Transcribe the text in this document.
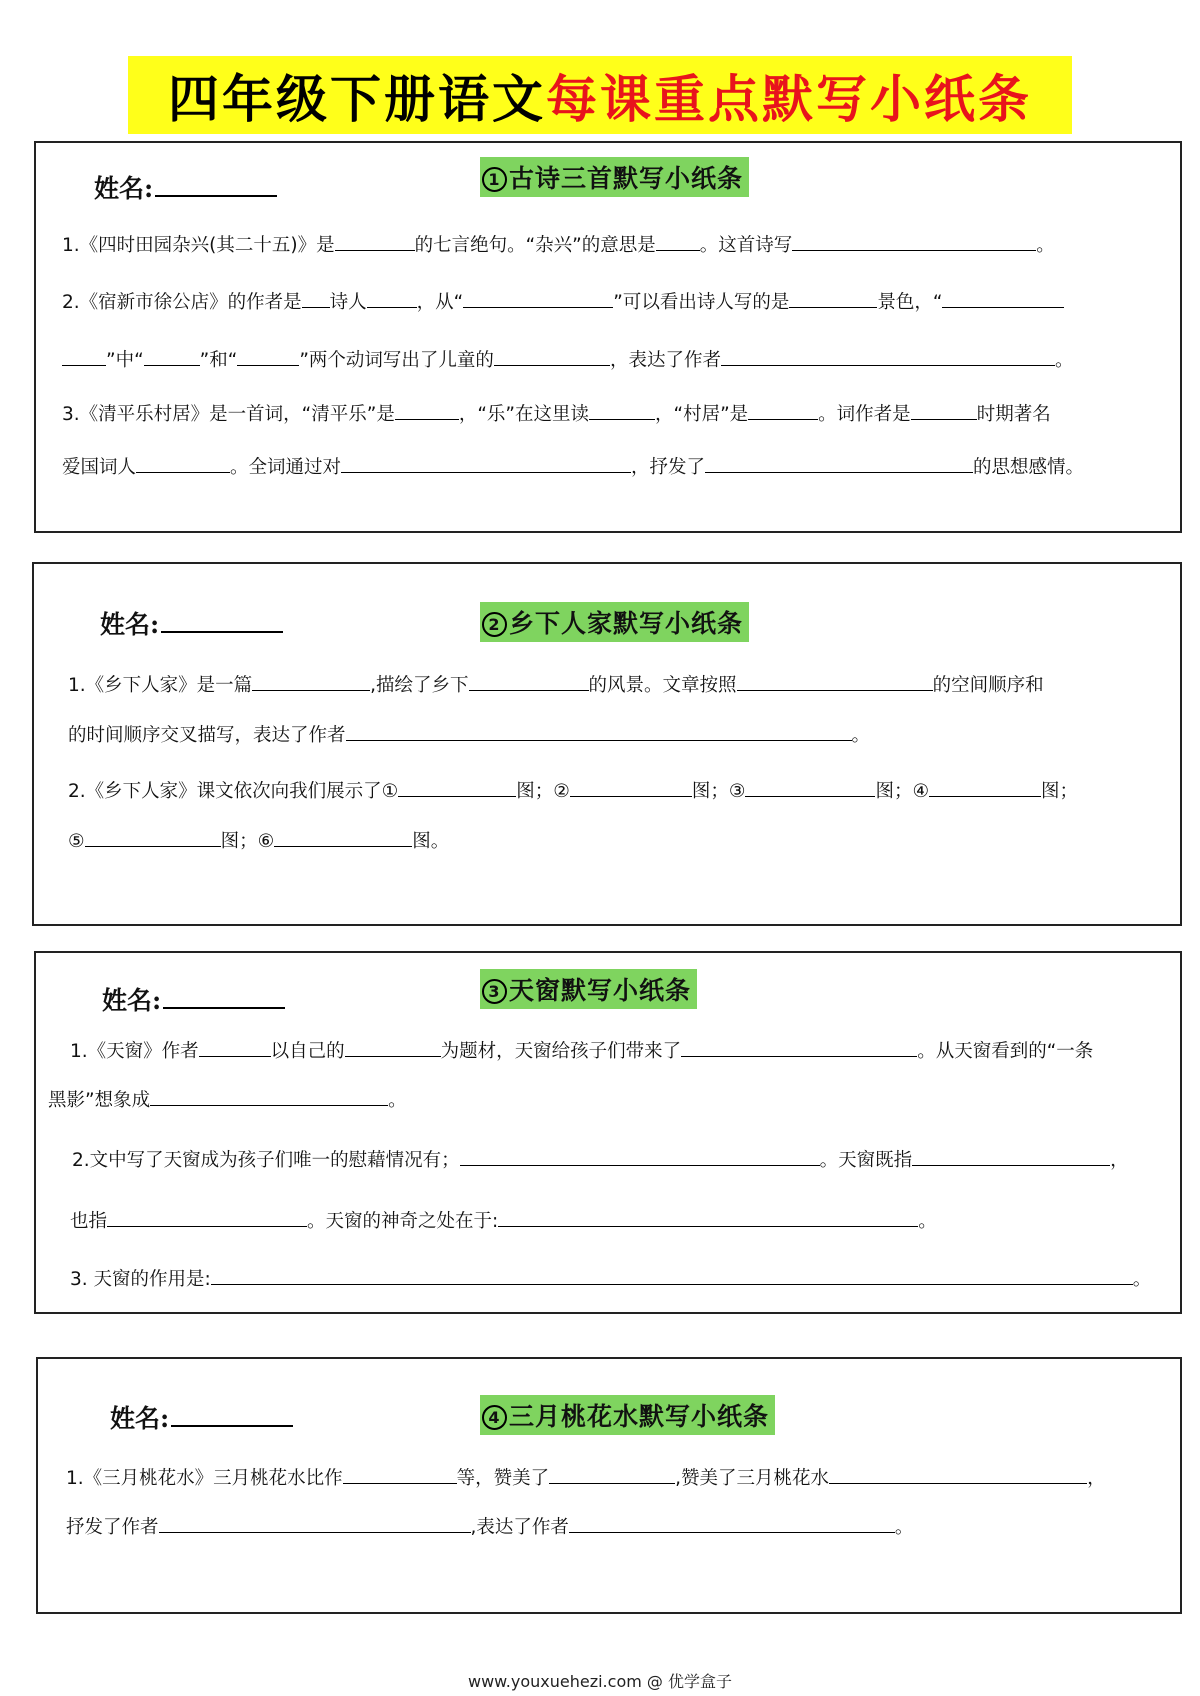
四年级下册语文 每课重点默写小纸条
姓名:	1 古诗三首默写小纸条
1.《四时田园杂兴(其二十五)》是	的七言绝句。“杂兴”的意思是 。这首诗写	。
2.《宿新市徐公店》的作者是 诗人	，从“	”可以看出诗人写的是	景色，“
”中“	”和“	”两个动词写出了儿童的	，表达了作者	。
3.《清平乐村居》是一首词，“清平乐”是	，“乐”在这里读	，“村居”是	。词作者是	时期著名
爱国词人	。全词通过对	，抒发了	的思想感情。
姓名:	2 乡下人家默写小纸条
1.《乡下人家》是一篇	,描绘了乡下	的风景。文章按照	的空间顺序和
的时间顺序交叉描写，表达了作者	。
2.《乡下人家》课文依次向我们展示了①	图；②	图；③	图；④	图；
⑤	图；⑥	图。
姓名:	3 天窗默写小纸条
1.《天窗》作者	以自己的	为题材，天窗给孩子们带来了	。从天窗看到的“一条
黑影”想象成	。
2.文中写了天窗成为孩子们唯一的慰藉情况有；	。天窗既指	，
也指	。天窗的神奇之处在于:	。
3. 天窗的作用是:	。
姓名:	4 三月桃花水默写小纸条
1.《三月桃花水》三月桃花水比作	等，赞美了	,赞美了三月桃花水	，
抒发了作者	,表达了作者	。
www.youxuehezi.com @ 优学盒子
